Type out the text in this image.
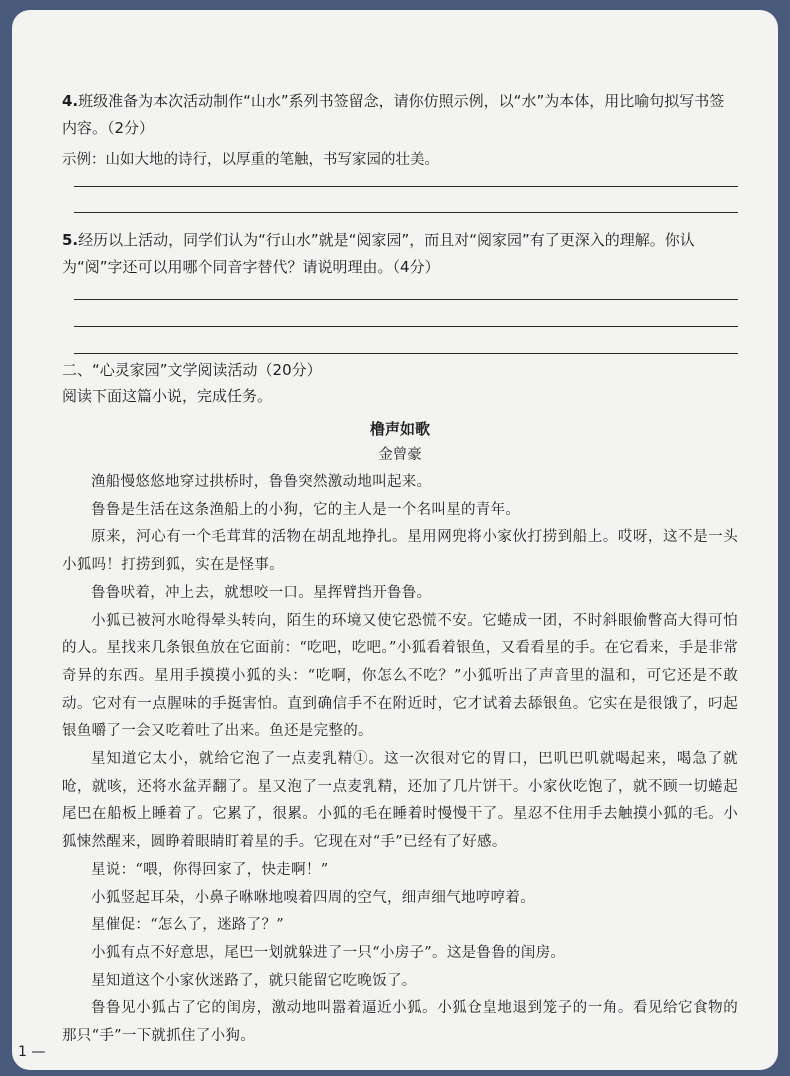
4.班级准备为本次活动制作“山水”系列书签留念，请你仿照示例，以“水”为本体，用比喻句拟写书签内容。（2分）

示例：山如大地的诗行，以厚重的笔触，书写家园的壮美。

5.经历以上活动，同学们认为“行山水”就是“阅家园”，而且对“阅家园”有了更深入的理解。你认为“阅”字还可以用哪个同音字替代？请说明理由。（4分）

二、“心灵家园”文学阅读活动（20分）

阅读下面这篇小说，完成任务。

橹声如歌

金曾豪

渔船慢悠悠地穿过拱桥时，鲁鲁突然激动地叫起来。

鲁鲁是生活在这条渔船上的小狗，它的主人是一个名叫星的青年。

原来，河心有一个毛茸茸的活物在胡乱地挣扎。星用网兜将小家伙打捞到船上。哎呀，这不是一头小狐吗！打捞到狐，实在是怪事。

鲁鲁吠着，冲上去，就想咬一口。星挥臂挡开鲁鲁。

小狐已被河水呛得晕头转向，陌生的环境又使它恐慌不安。它蜷成一团，不时斜眼偷瞥高大得可怕的人。星找来几条银鱼放在它面前：“吃吧，吃吧。”小狐看着银鱼，又看看星的手。在它看来，手是非常奇异的东西。星用手摸摸小狐的头：“吃啊，你怎么不吃？”小狐听出了声音里的温和，可它还是不敢动。它对有一点腥味的手挺害怕。直到确信手不在附近时，它才试着去舔银鱼。它实在是很饿了，叼起银鱼嚼了一会又吃着吐了出来。鱼还是完整的。

星知道它太小，就给它泡了一点麦乳精①。这一次很对它的胃口，巴叽巴叽就喝起来，喝急了就呛，就咳，还将水盆弄翻了。星又泡了一点麦乳精，还加了几片饼干。小家伙吃饱了，就不顾一切蜷起尾巴在船板上睡着了。它累了，很累。小狐的毛在睡着时慢慢干了。星忍不住用手去触摸小狐的毛。小狐悚然醒来，圆睁着眼睛盯着星的手。它现在对“手”已经有了好感。

星说：“喂，你得回家了，快走啊！”

小狐竖起耳朵，小鼻子咻咻地嗅着四周的空气，细声细气地哼哼着。

星催促：“怎么了，迷路了？”

小狐有点不好意思，尾巴一划就躲进了一只“小房子”。这是鲁鲁的闺房。

星知道这个小家伙迷路了，就只能留它吃晚饭了。

鲁鲁见小狐占了它的闺房，激动地叫嚣着逼近小狐。小狐仓皇地退到笼子的一角。看见给它食物的那只“手”一下就抓住了小狗。

1 —
